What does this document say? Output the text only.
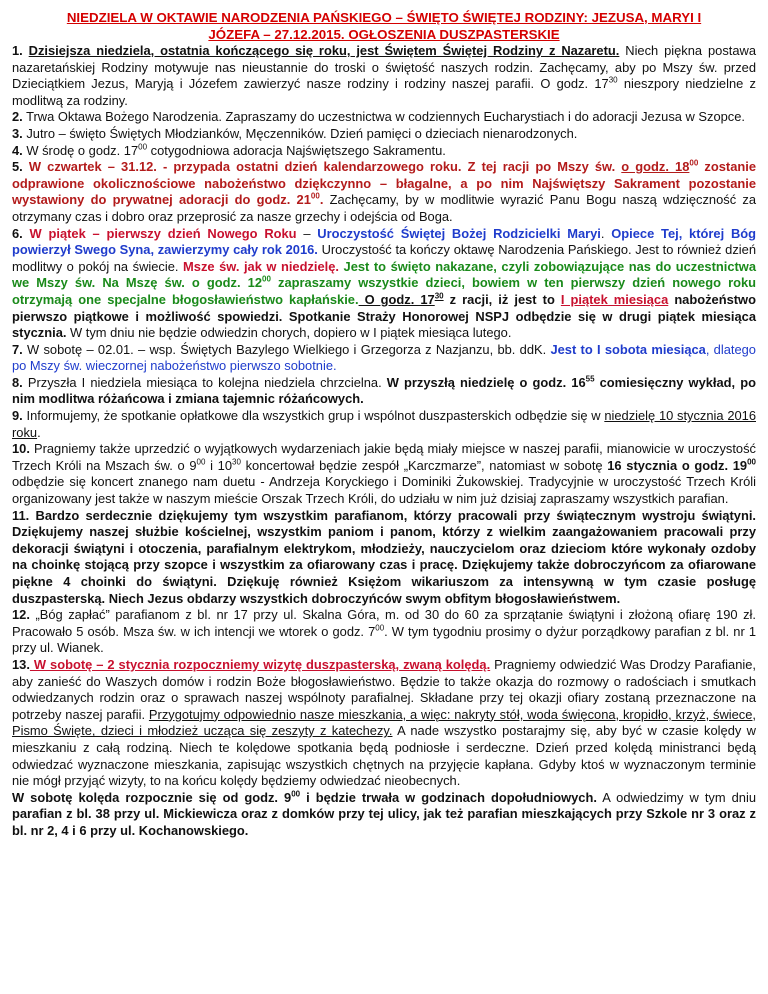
NIEDZIELA W OKTAWIE NARODZENIA PAŃSKIEGO – ŚWIĘTO ŚWIĘTEJ RODZINY: JEZUSA, MARYI I
JÓZEFA – 27.12.2015. OGŁOSZENIA DUSZPASTERSKIE

1. Dzisiejsza niedziela, ostatnia kończącego się roku, jest Świętem Świętej Rodziny z Nazaretu. Niech piękna postawa nazaretańskiej Rodziny motywuje nas nieustannie do troski o świętość naszych rodzin. Zachęcamy, aby po Mszy św. przed Dzieciątkiem Jezus, Maryją i Józefem zawierzyć nasze rodziny i rodziny naszej parafii. O godz. $17^{30}$ nieszpory niedzielne z modlitwą za rodziny.

2. Trwa Oktawa Bożego Narodzenia. Zapraszamy do uczestnictwa w codziennych Eucharystiach i do adoracji Jezusa w Szopce.

3. Jutro – święto Świętych Młodzianków, Męczenników. Dzień pamięci o dzieciach nienarodzonych.

4. W środę o godz. $17^{00}$ cotygodniowa adoracja Najświętszego Sakramentu.

5. W czwartek – 31.12. - przypada ostatni dzień kalendarzowego roku. Z tej racji po Mszy św. o godz. $18^{00}$ zostanie odprawione okolicznościowe nabożeństwo dziękczynno – błagalne, a po nim Najświętszy Sakrament pozostanie wystawiony do prywatnej adoracji do godz. $21^{00}$. Zachęcamy, by w modlitwie wyrazić Panu Bogu naszą wdzięczność za otrzymany czas i dobro oraz przeprosić za nasze grzechy i odejścia od Boga.

6. W piątek – pierwszy dzień Nowego Roku – Uroczystość Świętej Bożej Rodzicielki Maryi. Opiece Tej, której Bóg powierzył Swego Syna, zawierzymy cały rok 2016. Uroczystość ta kończy oktawę Narodzenia Pańskiego. Jest to również dzień modlitwy o pokój na świecie. Msze św. jak w niedzielę. Jest to święto nakazane, czyli zobowiązujące nas do uczestnictwa we Mszy św. Na Mszę św. o godz. $12^{00}$ zapraszamy wszystkie dzieci, bowiem w ten pierwszy dzień nowego roku otrzymają one specjalne błogosławieństwo kapłańskie. O godz. $17^{30}$ z racji, iż jest to I piątek miesiąca nabożeństwo pierwszo piątkowe i możliwość spowiedzi. Spotkanie Straży Honorowej NSPJ odbędzie się w drugi piątek miesiąca stycznia. W tym dniu nie będzie odwiedzin chorych, dopiero w I piątek miesiąca lutego.

7. W sobotę – 02.01. – wsp. Świętych Bazylego Wielkiego i Grzegorza z Nazjanzu, bb. ddK. Jest to I sobota miesiąca, dlatego po Mszy św. wieczornej nabożeństwo pierwszo sobotnie.

8. Przyszła I niedziela miesiąca to kolejna niedziela chrzcielna. W przyszłą niedzielę o godz. $16^{55}$ comiesięczny wykład, po nim modlitwa różańcowa i zmiana tajemnic różańcowych.

9. Informujemy, że spotkanie opłatkowe dla wszystkich grup i wspólnot duszpasterskich odbędzie się w niedzielę 10 stycznia 2016 roku.

10. Pragniemy także uprzedzić o wyjątkowych wydarzeniach jakie będą miały miejsce w naszej parafii, mianowicie w uroczystość Trzech Króli na Mszach św. o $9^{00}$ i $10^{30}$ koncertował będzie zespół „Karczmarze”, natomiast w sobotę 16 stycznia o godz. $19^{00}$ odbędzie się koncert znanego nam duetu - Andrzeja Koryckiego i Dominiki Żukowskiej. Tradycyjnie w uroczystość Trzech Króli organizowany jest także w naszym mieście Orszak Trzech Króli, do udziału w nim już dzisiaj zapraszamy wszystkich parafian.

11. Bardzo serdecznie dziękujemy tym wszystkim parafianom, którzy pracowali przy świątecznym wystroju świątyni. Dziękujemy naszej służbie kościelnej, wszystkim paniom i panom, którzy z wielkim zaangażowaniem pracowali przy dekoracji świątyni i otoczenia, parafialnym elektrykom, młodzieży, nauczycielom oraz dzieciom które wykonały ozdoby na choinkę stojącą przy szopce i wszystkim za ofiarowany czas i pracę. Dziękujemy także dobroczyńcom za ofiarowane piękne 4 choinki do świątyni. Dziękuję również Księżom wikariuszom za intensywną w tym czasie posługę duszpasterską. Niech Jezus obdarzy wszystkich dobroczyńców swym obfitym błogosławieństwem.

12. „Bóg zapłać” parafianom z bl. nr 17 przy ul. Skalna Góra, m. od 30 do 60 za sprzątanie świątyni i złożoną ofiarę 190 zł. Pracowało 5 osób. Msza św. w ich intencji we wtorek o godz. $7^{00}$. W tym tygodniu prosimy o dyżur porządkowy parafian z bl. nr 1 przy ul. Wianek.

13. W sobotę – 2 stycznia rozpoczniemy wizytę duszpasterską, zwaną kolędą. Pragniemy odwiedzić Was Drodzy Parafianie, aby zanieść do Waszych domów i rodzin Boże błogosławieństwo. Będzie to także okazja do rozmowy o radościach i smutkach odwiedzanych rodzin oraz o sprawach naszej wspólnoty parafialnej. Składane przy tej okazji ofiary zostaną przeznaczone na potrzeby naszej parafii. Przygotujmy odpowiednio nasze mieszkania, a więc: nakryty stół, woda święcona, kropidło, krzyż, świece, Pismo Święte, dzieci i młodzież ucząca się zeszyty z katechezy. A nade wszystko postarajmy się, aby być w czasie kolędy w mieszkaniu z całą rodziną. Niech te kolędowe spotkania będą podniosłe i serdeczne. Dzień przed kolędą ministranci będą odwiedzać wyznaczone mieszkania, zapisując wszystkich chętnych na przyjęcie kapłana. Gdyby ktoś w wyznaczonym terminie nie mógł przyjąć wizyty, to na końcu kolędy będziemy odwiedzać nieobecnych.

W sobotę kolęda rozpocznie się od godz. $9^{00}$ i będzie trwała w godzinach dopołudniowych. A odwiedzimy w tym dniu parafian z bl. 38 przy ul. Mickiewicza oraz z domków przy tej ulicy, jak też parafian mieszkających przy Szkole nr 3 oraz z bl. nr 2, 4 i 6 przy ul. Kochanowskiego.
